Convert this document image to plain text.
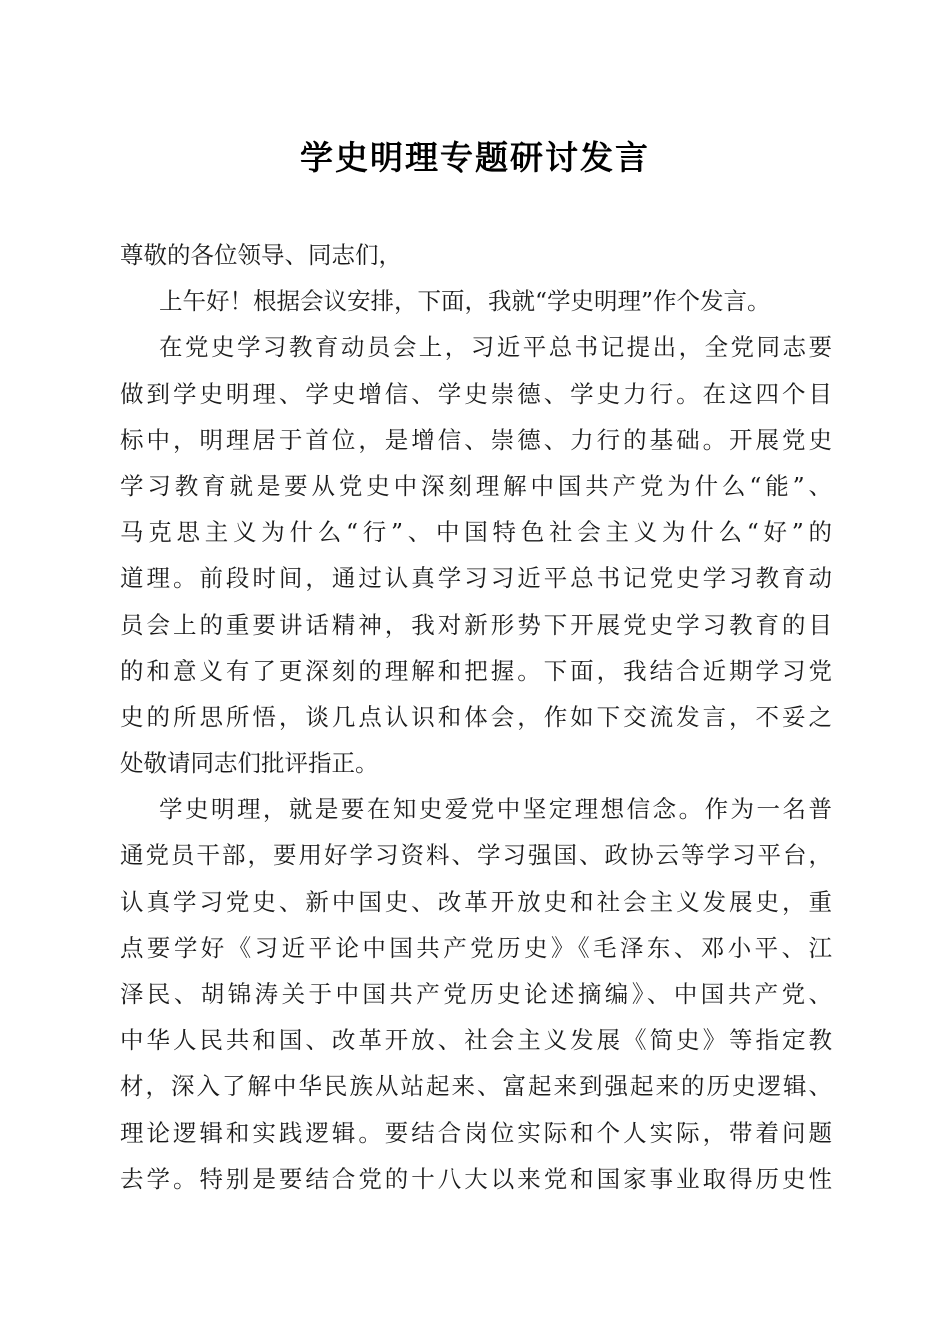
学史明理专题研讨发言
尊敬的各位领导、同志们，
上午好！根据会议安排，下面，我就“学史明理”作个发言。
在党史学习教育动员会上，习近平总书记提出，全党同志要
做到学史明理、学史增信、学史崇德、学史力行。在这四个目
标中，明理居于首位，是增信、崇德、力行的基础。开展党史
学习教育就是要从党史中深刻理解中国共产党为什么“能”、
马克思主义为什么“行”、中国特色社会主义为什么“好”的
道理。前段时间，通过认真学习习近平总书记党史学习教育动
员会上的重要讲话精神，我对新形势下开展党史学习教育的目
的和意义有了更深刻的理解和把握。下面，我结合近期学习党
史的所思所悟，谈几点认识和体会，作如下交流发言，不妥之
处敬请同志们批评指正。
学史明理，就是要在知史爱党中坚定理想信念。作为一名普
通党员干部，要用好学习资料、学习强国、政协云等学习平台，
认真学习党史、新中国史、改革开放史和社会主义发展史，重
点要学好《习近平论中国共产党历史》《毛泽东、邓小平、江
泽民、胡锦涛关于中国共产党历史论述摘编》、中国共产党、
中华人民共和国、改革开放、社会主义发展《简史》等指定教
材，深入了解中华民族从站起来、富起来到强起来的历史逻辑、
理论逻辑和实践逻辑。要结合岗位实际和个人实际，带着问题
去学。特别是要结合党的十八大以来党和国家事业取得历史性
